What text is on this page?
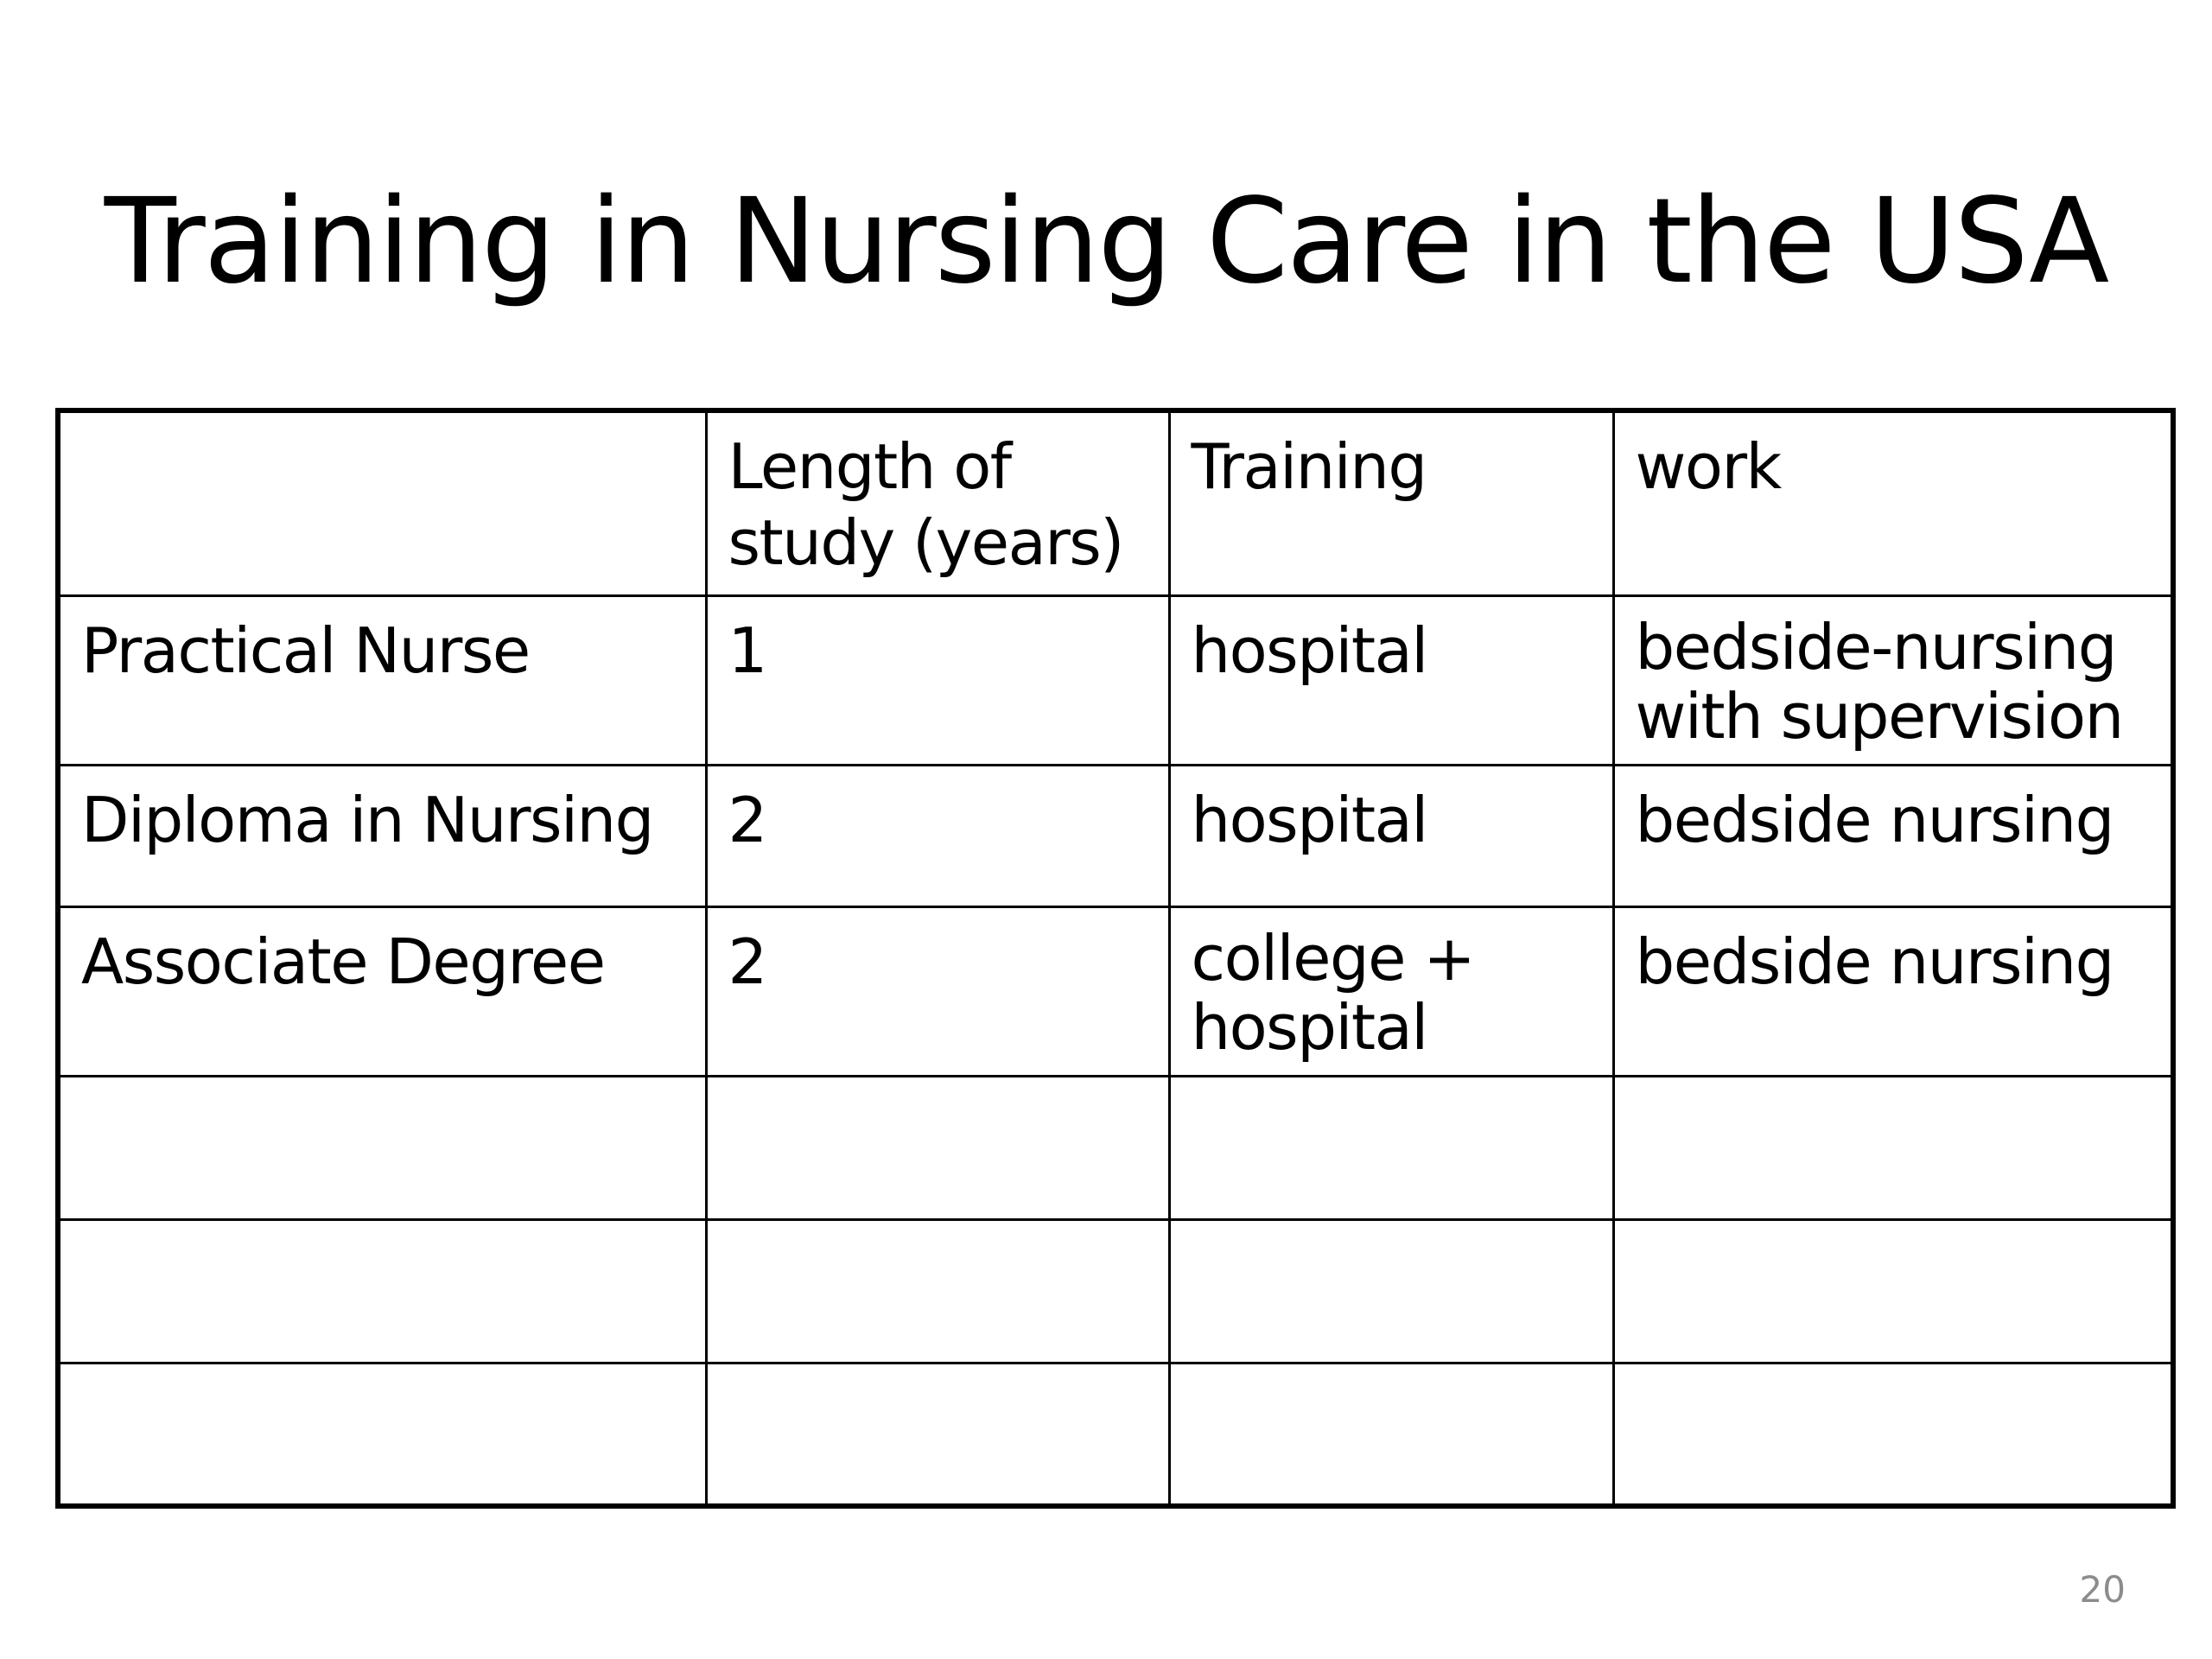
Training in Nursing Care in the USA
	Length of study (years)	Training	work
Practical Nurse	1	hospital	bedside-nursing with supervision
Diploma in Nursing	2	hospital	bedside nursing
Associate Degree	2	college + hospital	bedside nursing

20
